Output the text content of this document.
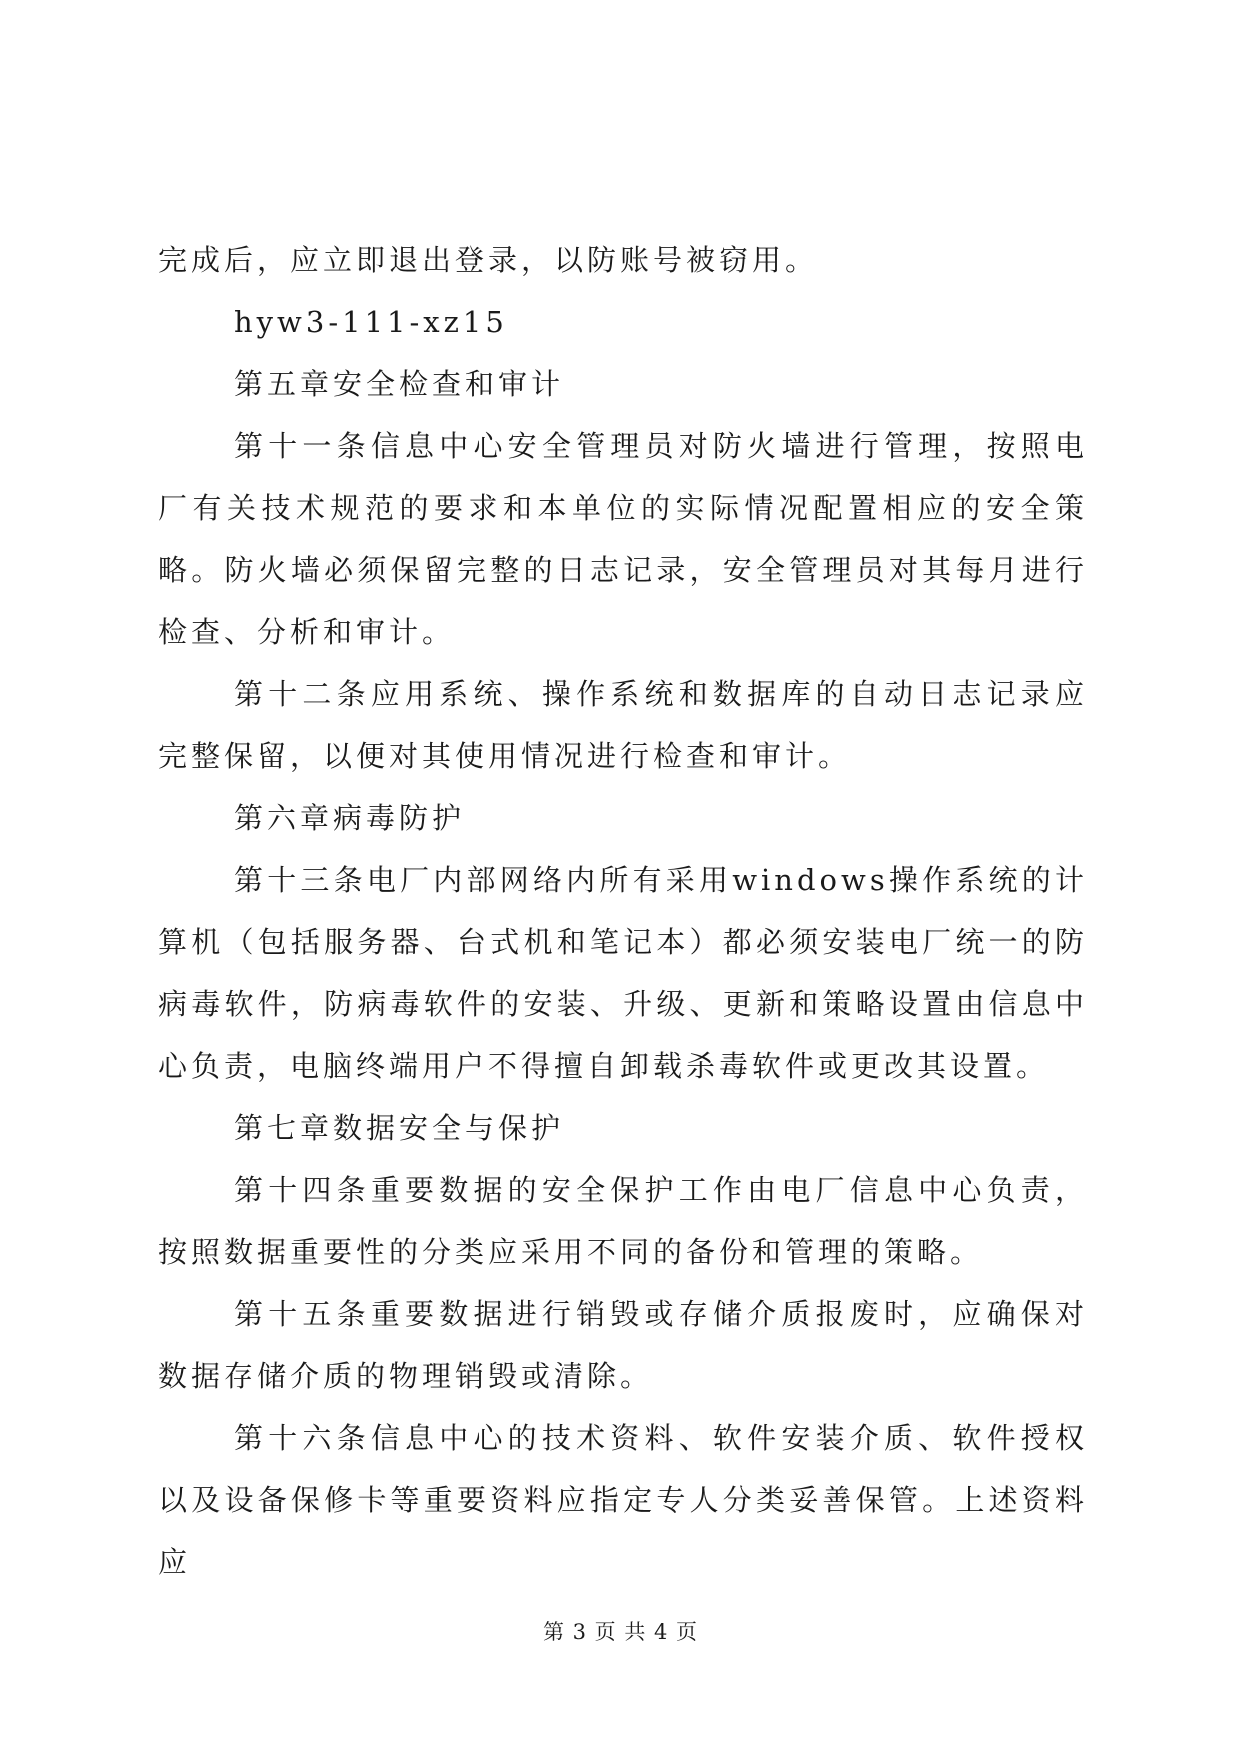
完成后，应立即退出登录，以防账号被窃用。

hyw3-111-xz15

第五章安全检查和审计

第十一条信息中心安全管理员对防火墙进行管理，按照电厂有关技术规范的要求和本单位的实际情况配置相应的安全策略。防火墙必须保留完整的日志记录，安全管理员对其每月进行检查、分析和审计。

第十二条应用系统、操作系统和数据库的自动日志记录应完整保留，以便对其使用情况进行检查和审计。

第六章病毒防护

第十三条电厂内部网络内所有采用windows操作系统的计算机（包括服务器、台式机和笔记本）都必须安装电厂统一的防病毒软件，防病毒软件的安装、升级、更新和策略设置由信息中心负责，电脑终端用户不得擅自卸载杀毒软件或更改其设置。

第七章数据安全与保护

第十四条重要数据的安全保护工作由电厂信息中心负责，按照数据重要性的分类应采用不同的备份和管理的策略。

第十五条重要数据进行销毁或存储介质报废时，应确保对数据存储介质的物理销毁或清除。

第十六条信息中心的技术资料、软件安装介质、软件授权以及设备保修卡等重要资料应指定专人分类妥善保管。上述资料应

第 3 页 共 4 页
